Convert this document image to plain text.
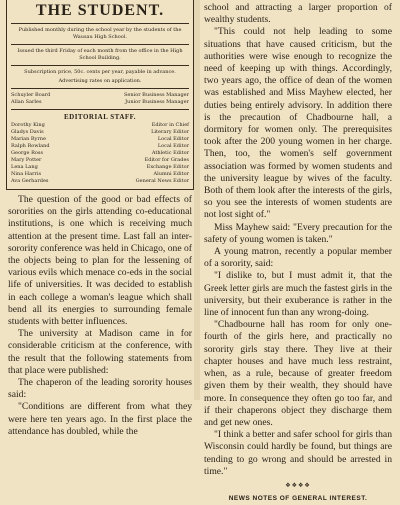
THE STUDENT.
Published monthly during the school year by the students of the Wausau High School.
Issued the third Friday of each month from the office in the High School Building.
Subscription price, 50c. cents per year, payable in advance.
Advertising rates on application.
Schuyler Board	Senior Business Manager
Allan Sarles	Junior Business Manager
EDITORIAL STAFF.
Dorothy King	Editor in Chief
Gladys Davis	Literary Editor
Marian Byrne	Local Editor
Ralph Rowland	Local Editor
George Ross	Athletic Editor
Mary Potter	Editor for Grades
Lena Lang	Exchange Editor
Nina Harris	Alumni Editor
Ava Gerhardes	General News Editor

The question of the good or bad effects of sororities on the girls attending co-educational institutions, is one which is receiving much attention at the present time. Last fall an inter-sorority conference was held in Chicago, one of the objects being to plan for the lessening of various evils which menace co-eds in the social life of universities. It was decided to establish in each college a woman's league which shall bend all its energies to surrounding female students with better influences.

The university at Madison came in for considerable criticism at the conference, with the result that the following statements from that place were published:

The chaperon of the leading sorority houses said:

"Conditions are different from what they were here ten years ago. In the first place the attendance has doubled, while the

school and attracting a larger proportion of wealthy students.

"This could not help leading to some situations that have caused criticism, but the authorities were wise enough to recognize the need of keeping up with things. Accordingly, two years ago, the office of dean of the women was established and Miss Mayhew elected, her duties being entirely advisory. In addition there is the precaution of Chadbourne hall, a dormitory for women only. The prerequisites took after the 200 young women in her charge. Then, too, the women's self government association was formed by women students and the university league by wives of the faculty. Both of them look after the interests of the girls, so you see the interests of women students are not lost sight of."

Miss Mayhew said: "Every precaution for the safety of young women is taken."

A young matron, recently a popular member of a sorority, said:

"I dislike to, but I must admit it, that the Greek letter girls are much the fastest girls in the university, but their exuberance is rather in the line of innocent fun than any wrong-doing.

"Chadbourne hall has room for only one-fourth of the girls here, and practically no sorority girls stay there. They live at their chapter houses and have much less restraint, when, as a rule, because of greater freedom given them by their wealth, they should have more. In consequence they often go too far, and if their chaperons object they discharge them and get new ones.

"I think a better and safer school for girls than Wisconsin could hardly be found, but things are tending to go wrong and should be arrested in time."

❖❖❖❖
NEWS NOTES OF GENERAL INTEREST.
